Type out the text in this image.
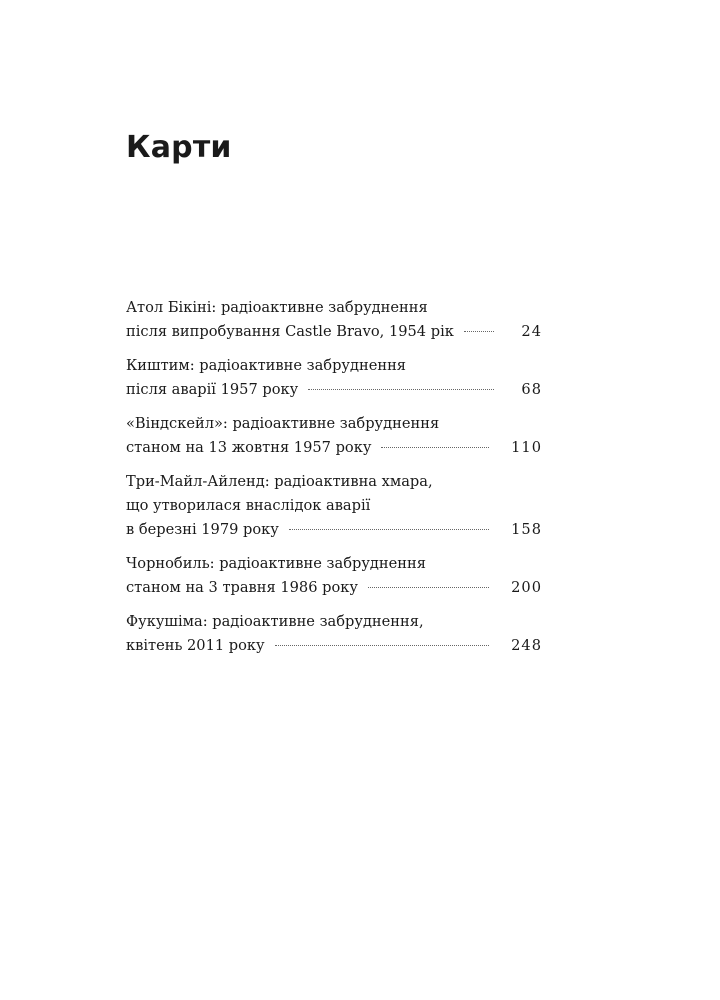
Карти
Атол Бікіні: радіоактивне забруднення
після випробування Castle Bravo, 1954 рік	24
Киштим: радіоактивне забруднення
після аварії 1957 року	68
«Віндскейл»: радіоактивне забруднення
станом на 13 жовтня 1957 року	110
Три-Майл-Айленд: радіоактивна хмара,
що утворилася внаслідок аварії
в березні 1979 року	158
Чорнобиль: радіоактивне забруднення
станом на 3 травня 1986 року	200
Фукушіма: радіоактивне забруднення,
квітень 2011 року	248
